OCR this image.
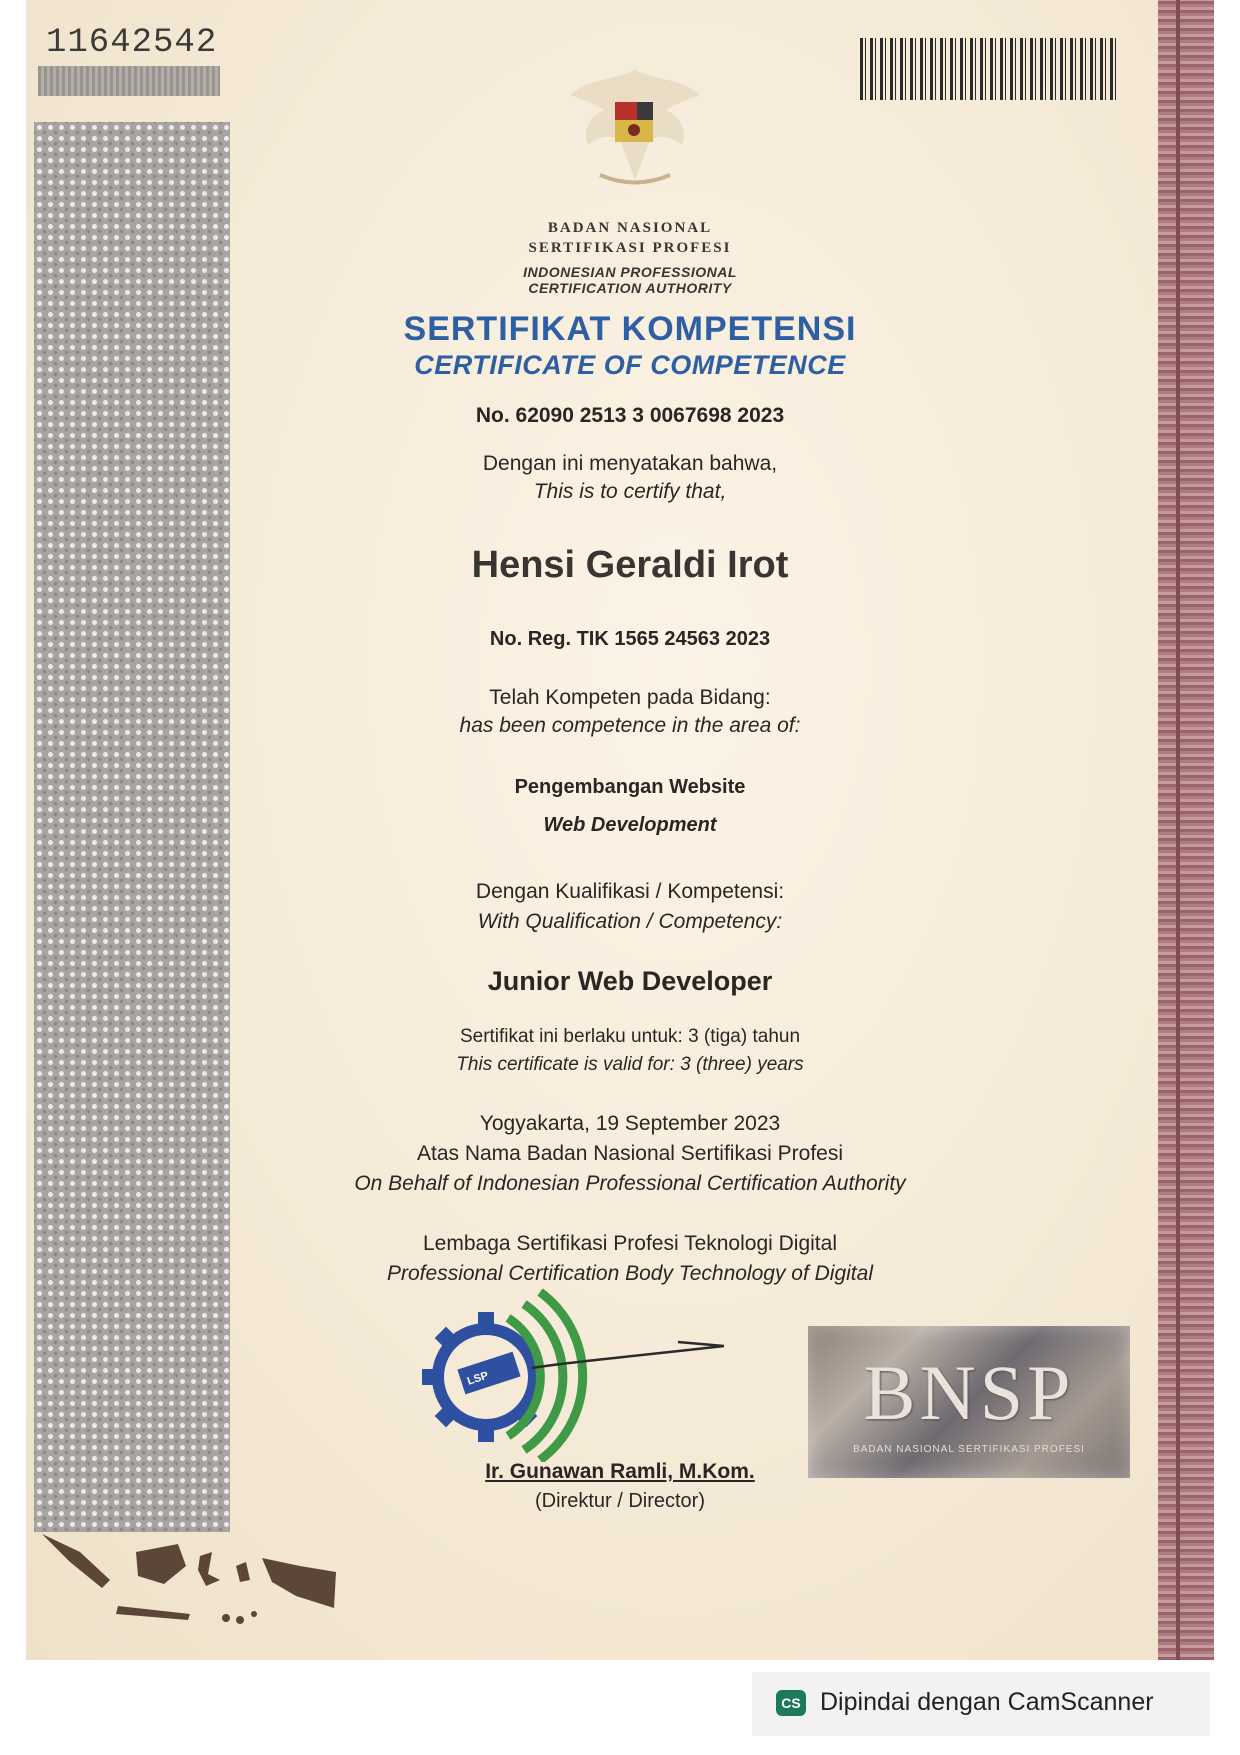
11642542
BADAN NASIONAL
SERTIFIKASI PROFESI
INDONESIAN PROFESSIONAL
CERTIFICATION AUTHORITY
SERTIFIKAT KOMPETENSI
CERTIFICATE OF COMPETENCE
No. 62090 2513 3 0067698 2023
Dengan ini menyatakan bahwa,
This is to certify that,
Hensi Geraldi Irot
No. Reg. TIK 1565 24563 2023
Telah Kompeten pada Bidang:
has been competence in the area of:
Pengembangan Website
Web Development
Dengan Kualifikasi / Kompetensi:
With Qualification / Competency:
Junior Web Developer
Sertifikat ini berlaku untuk: 3 (tiga) tahun
This certificate is valid for: 3 (three) years
Yogyakarta, 19 September 2023
Atas Nama Badan Nasional Sertifikasi Profesi
On Behalf of Indonesian Professional Certification Authority
Lembaga Sertifikasi Profesi Teknologi Digital
Professional Certification Body Technology of Digital
LSP
Ir. Gunawan Ramli, M.Kom.
(Direktur / Director)
BNSP
BADAN NASIONAL SERTIFIKASI PROFESI
CS Dipindai dengan CamScanner
